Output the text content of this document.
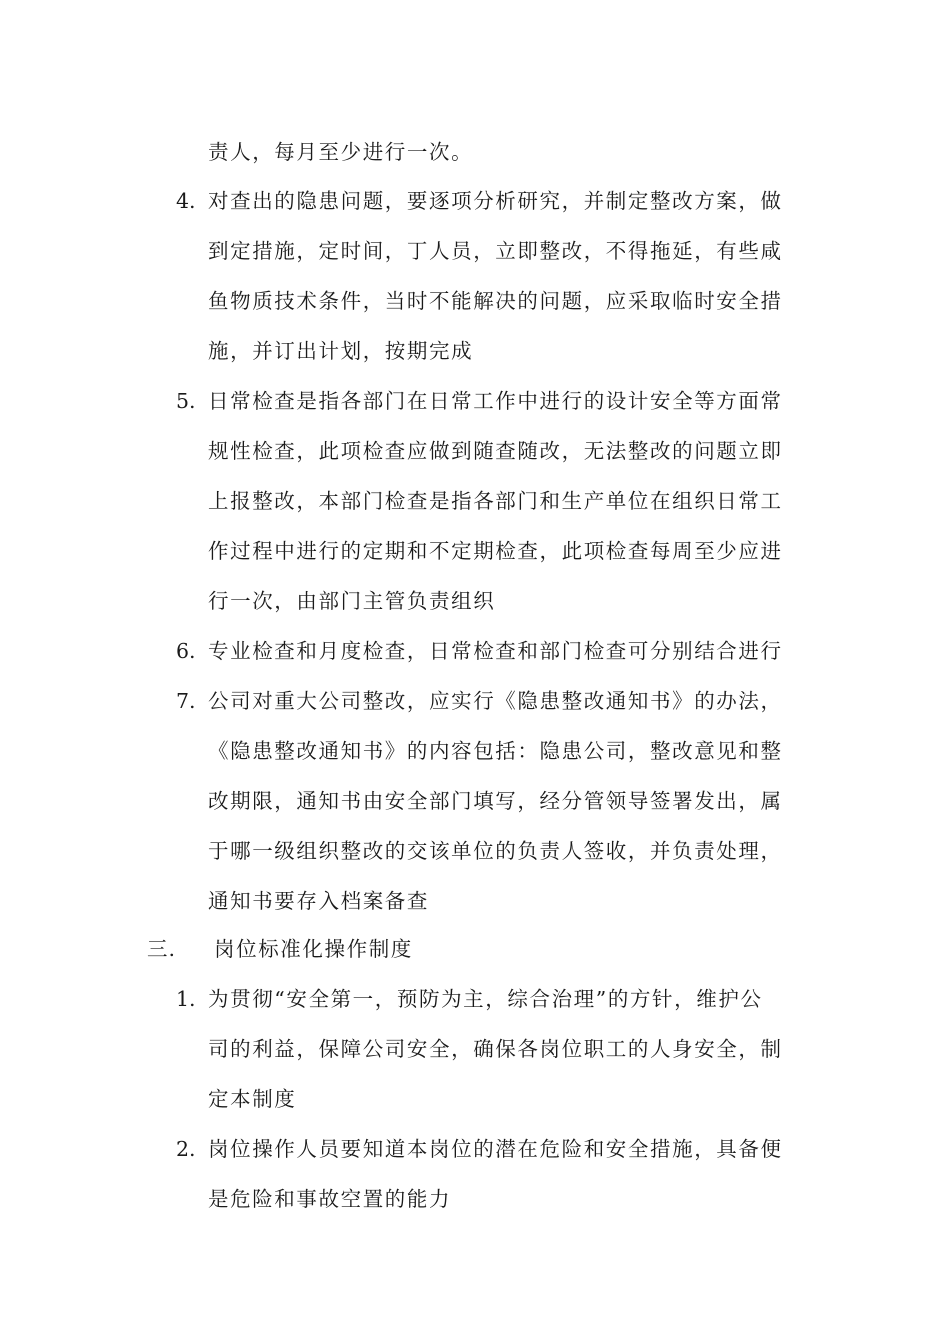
责人，每月至少进行一次。
4. 对查出的隐患问题，要逐项分析研究，并制定整改方案，做
到定措施，定时间，丁人员，立即整改，不得拖延，有些咸
鱼物质技术条件，当时不能解决的问题，应采取临时安全措
施，并订出计划，按期完成
5. 日常检查是指各部门在日常工作中进行的设计安全等方面常
规性检查，此项检查应做到随查随改，无法整改的问题立即
上报整改，本部门检查是指各部门和生产单位在组织日常工
作过程中进行的定期和不定期检查，此项检查每周至少应进
行一次，由部门主管负责组织
6. 专业检查和月度检查，日常检查和部门检查可分别结合进行
7. 公司对重大公司整改，应实行《隐患整改通知书》的办法，
《隐患整改通知书》的内容包括：隐患公司，整改意见和整
改期限，通知书由安全部门填写，经分管领导签署发出，属
于哪一级组织整改的交该单位的负责人签收，并负责处理，
通知书要存入档案备查
三. 岗位标准化操作制度
1. 为贯彻“安全第一，预防为主，综合治理”的方针，维护公
司的利益，保障公司安全，确保各岗位职工的人身安全，制
定本制度
2. 岗位操作人员要知道本岗位的潜在危险和安全措施，具备便
是危险和事故空置的能力
